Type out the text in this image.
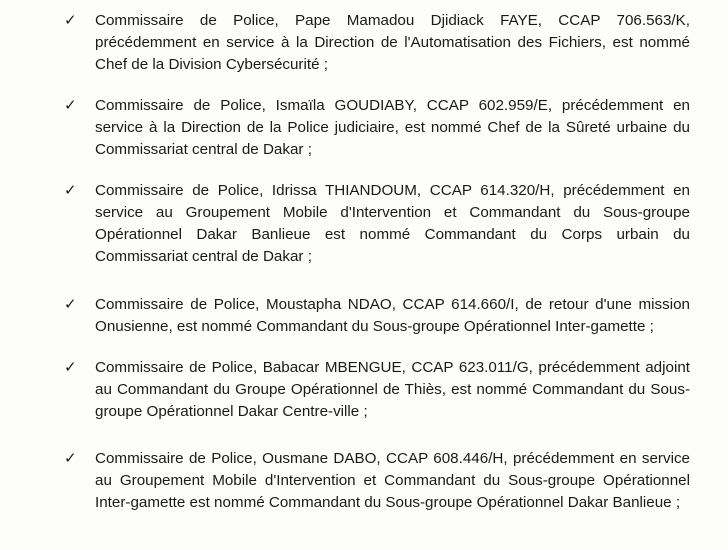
✓ Commissaire de Police, Pape Mamadou Djidiack FAYE, CCAP 706.563/K, précédemment en service à la Direction de l'Automatisation des Fichiers, est nommé Chef de la Division Cybersécurité ;

✓ Commissaire de Police, Ismaïla GOUDIABY, CCAP 602.959/E, précédemment en service à la Direction de la Police judiciaire, est nommé Chef de la Sûreté urbaine du Commissariat central de Dakar ;

✓ Commissaire de Police, Idrissa THIANDOUM, CCAP 614.320/H, précédemment en service au Groupement Mobile d'Intervention et Commandant du Sous-groupe Opérationnel Dakar Banlieue est nommé Commandant du Corps urbain du Commissariat central de Dakar ;

✓ Commissaire de Police, Moustapha NDAO, CCAP 614.660/I, de retour d'une mission Onusienne, est nommé Commandant du Sous-groupe Opérationnel Inter-gamette ;

✓ Commissaire de Police, Babacar MBENGUE, CCAP 623.011/G, précédemment adjoint au Commandant du Groupe Opérationnel de Thiès, est nommé Commandant du Sous-groupe Opérationnel Dakar Centre-ville ;

✓ Commissaire de Police, Ousmane DABO, CCAP 608.446/H, précédemment en service au Groupement Mobile d'Intervention et Commandant du Sous-groupe Opérationnel Inter-gamette est nommé Commandant du Sous-groupe Opérationnel Dakar Banlieue ;
